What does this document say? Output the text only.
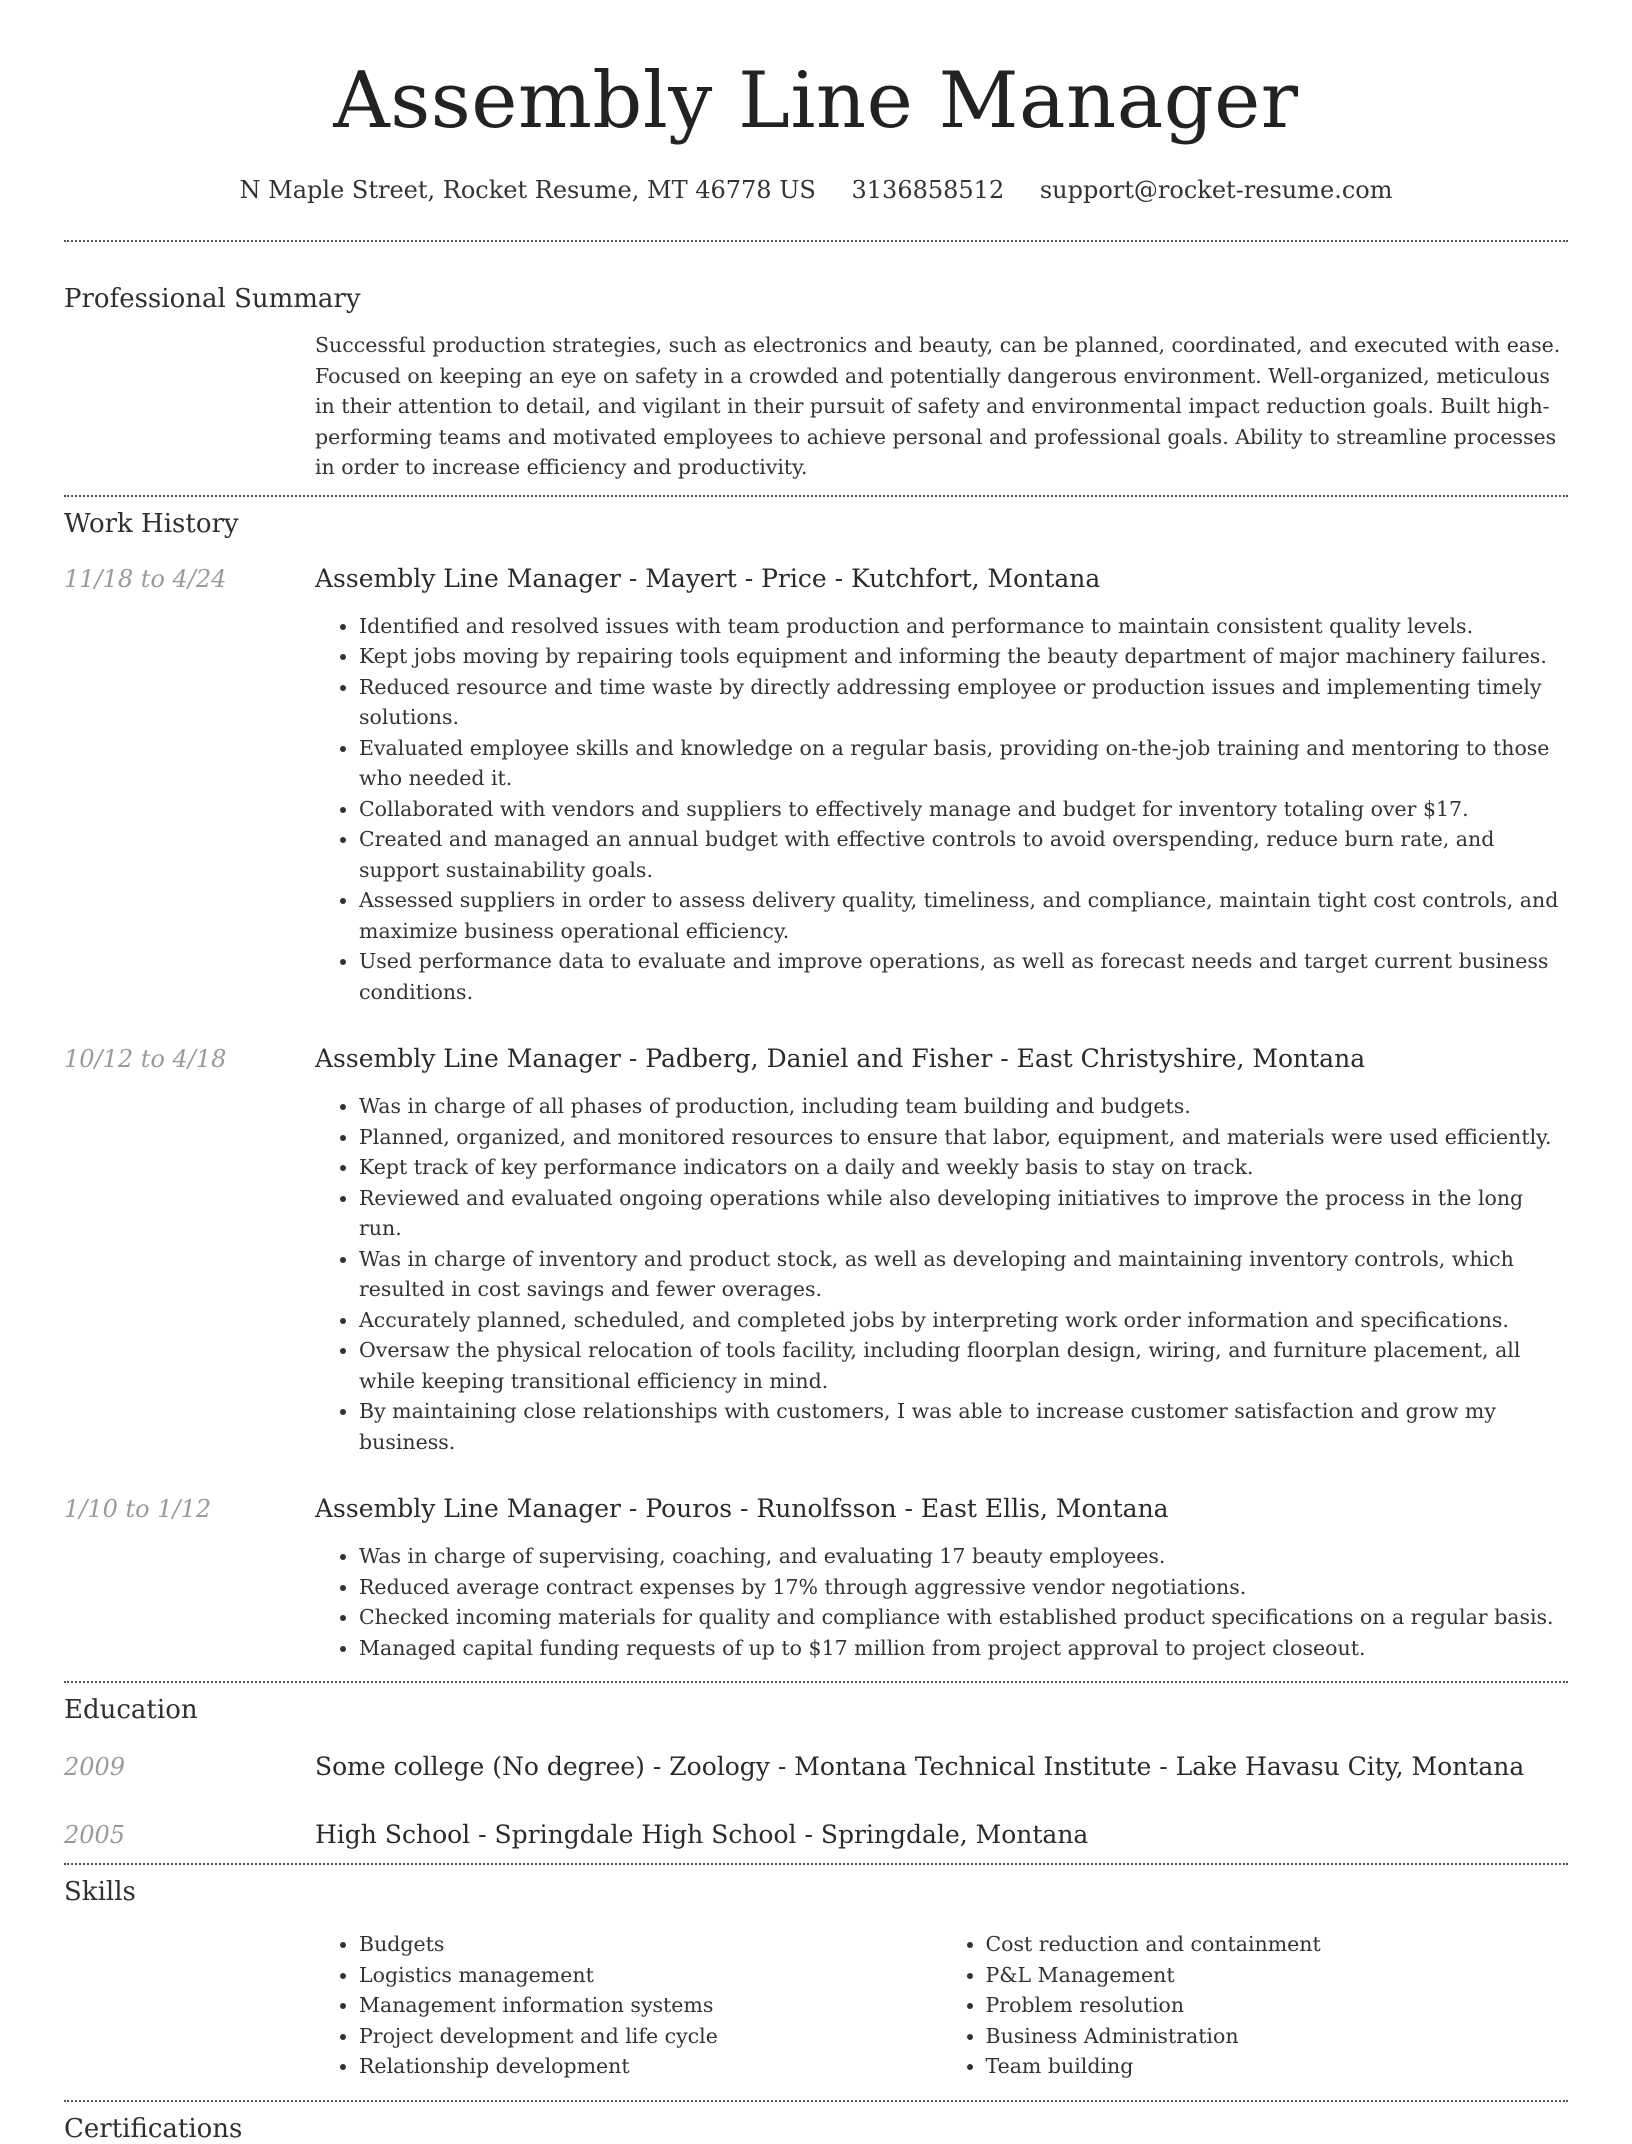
Assembly Line Manager
N Maple Street, Rocket Resume, MT 46778 US 3136858512 support@rocket-resume.com
Professional Summary
Successful production strategies, such as electronics and beauty, can be planned, coordinated, and executed with ease. Focused on keeping an eye on safety in a crowded and potentially dangerous environment. Well-organized, meticulous in their attention to detail, and vigilant in their pursuit of safety and environmental impact reduction goals. Built high-performing teams and motivated employees to achieve personal and professional goals. Ability to streamline processes in order to increase efficiency and productivity.
Work History
11/18 to 4/24	Assembly Line Manager - Mayert - Price - Kutchfort, Montana
• Identified and resolved issues with team production and performance to maintain consistent quality levels.
• Kept jobs moving by repairing tools equipment and informing the beauty department of major machinery failures.
• Reduced resource and time waste by directly addressing employee or production issues and implementing timely solutions.
• Evaluated employee skills and knowledge on a regular basis, providing on-the-job training and mentoring to those who needed it.
• Collaborated with vendors and suppliers to effectively manage and budget for inventory totaling over $17.
• Created and managed an annual budget with effective controls to avoid overspending, reduce burn rate, and support sustainability goals.
• Assessed suppliers in order to assess delivery quality, timeliness, and compliance, maintain tight cost controls, and maximize business operational efficiency.
• Used performance data to evaluate and improve operations, as well as forecast needs and target current business conditions.
10/12 to 4/18	Assembly Line Manager - Padberg, Daniel and Fisher - East Christyshire, Montana
• Was in charge of all phases of production, including team building and budgets.
• Planned, organized, and monitored resources to ensure that labor, equipment, and materials were used efficiently.
• Kept track of key performance indicators on a daily and weekly basis to stay on track.
• Reviewed and evaluated ongoing operations while also developing initiatives to improve the process in the long run.
• Was in charge of inventory and product stock, as well as developing and maintaining inventory controls, which resulted in cost savings and fewer overages.
• Accurately planned, scheduled, and completed jobs by interpreting work order information and specifications.
• Oversaw the physical relocation of tools facility, including floorplan design, wiring, and furniture placement, all while keeping transitional efficiency in mind.
• By maintaining close relationships with customers, I was able to increase customer satisfaction and grow my business.
1/10 to 1/12	Assembly Line Manager - Pouros - Runolfsson - East Ellis, Montana
• Was in charge of supervising, coaching, and evaluating 17 beauty employees.
• Reduced average contract expenses by 17% through aggressive vendor negotiations.
• Checked incoming materials for quality and compliance with established product specifications on a regular basis.
• Managed capital funding requests of up to $17 million from project approval to project closeout.
Education
2009	Some college (No degree) - Zoology - Montana Technical Institute - Lake Havasu City, Montana
2005	High School - Springdale High School - Springdale, Montana
Skills
• Budgets
• Logistics management
• Management information systems
• Project development and life cycle
• Relationship development
• Cost reduction and containment
• P&L Management
• Problem resolution
• Business Administration
• Team building
Certifications
